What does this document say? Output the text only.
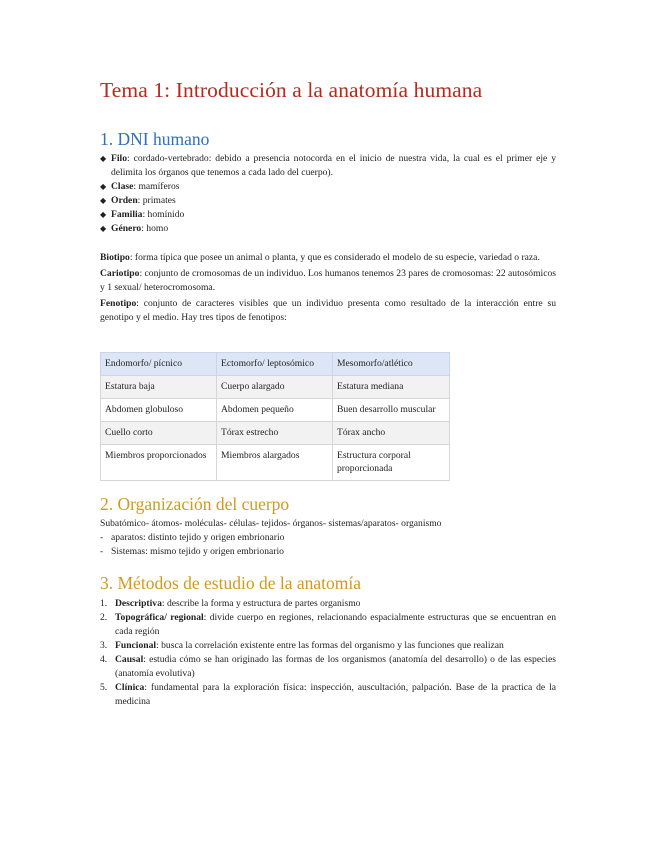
Tema 1: Introducción a la anatomía humana
1. DNI humano
◆ Filo: cordado-vertebrado: debido a presencia notocorda en el inicio de nuestra vida, la cual es el primer eje y delimita los órganos que tenemos a cada lado del cuerpo).
◆ Clase: mamíferos
◆ Orden: primates
◆ Familia: homínido
◆ Género: homo

Biotipo: forma típica que posee un animal o planta, y que es considerado el modelo de su especie, variedad o raza.

Cariotipo: conjunto de cromosomas de un individuo. Los humanos tenemos 23 pares de cromosomas: 22 autosómicos y 1 sexual/ heterocromosoma.

Fenotipo: conjunto de caracteres visibles que un individuo presenta como resultado de la interacción entre su genotipo y el medio. Hay tres tipos de fenotipos:

Endomorfo/ pícnico	Ectomorfo/ leptosómico	Mesomorfo/atlético
Estatura baja	Cuerpo alargado	Estatura mediana
Abdomen globuloso	Abdomen pequeño	Buen desarrollo muscular
Cuello corto	Tórax estrecho	Tórax ancho
Miembros proporcionados	Miembros alargados	Estructura corporal proporcionada
2. Organización del cuerpo

Subatómico- átomos- moléculas- células- tejidos- órganos- sistemas/aparatos- organismo

- aparatos: distinto tejido y origen embrionario
- Sistemas: mismo tejido y origen embrionario
3. Métodos de estudio de la anatomía
1. Descriptiva: describe la forma y estructura de partes organismo
2. Topográfica/ regional: divide cuerpo en regiones, relacionando espacialmente estructuras que se encuentran en cada región
3. Funcional: busca la correlación existente entre las formas del organismo y las funciones que realizan
4. Causal: estudia cómo se han originado las formas de los organismos (anatomía del desarrollo) o de las especies (anatomía evolutiva)
5. Clínica: fundamental para la exploración física: inspección, auscultación, palpación. Base de la practica de la medicina
